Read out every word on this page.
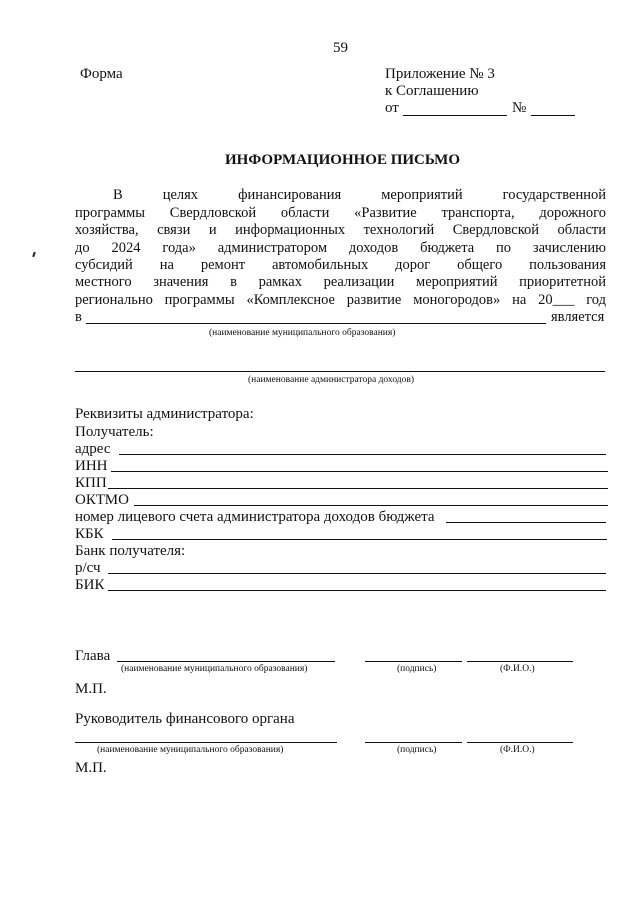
59
Форма	Приложение № 3
к Соглашению
от	№
ИНФОРМАЦИОННОЕ ПИСЬМО
В целях финансирования мероприятий государственной
программы Свердловской области «Развитие транспорта, дорожного
хозяйства, связи и информационных технологий Свердловской области
до 2024 года» администратором доходов бюджета по зачислению
субсидий на ремонт автомобильных дорог общего пользования
местного значения в рамках реализации мероприятий приоритетной
регионально программы «Комплексное развитие моногородов» на 20___ год
в	является
(наименование муниципального образования)
(наименование администратора доходов)
Реквизиты администратора:
Получатель:
адрес
ИНН
КПП
ОКТМО
номер лицевого счета администратора доходов бюджета
КБК
Банк получателя:
р/сч
БИК
Глава
(наименование муниципального образования)	(подпись)	(Ф.И.О.)
М.П.
Руководитель финансового органа
(наименование муниципального образования)	(подпись)	(Ф.И.О.)
М.П.
